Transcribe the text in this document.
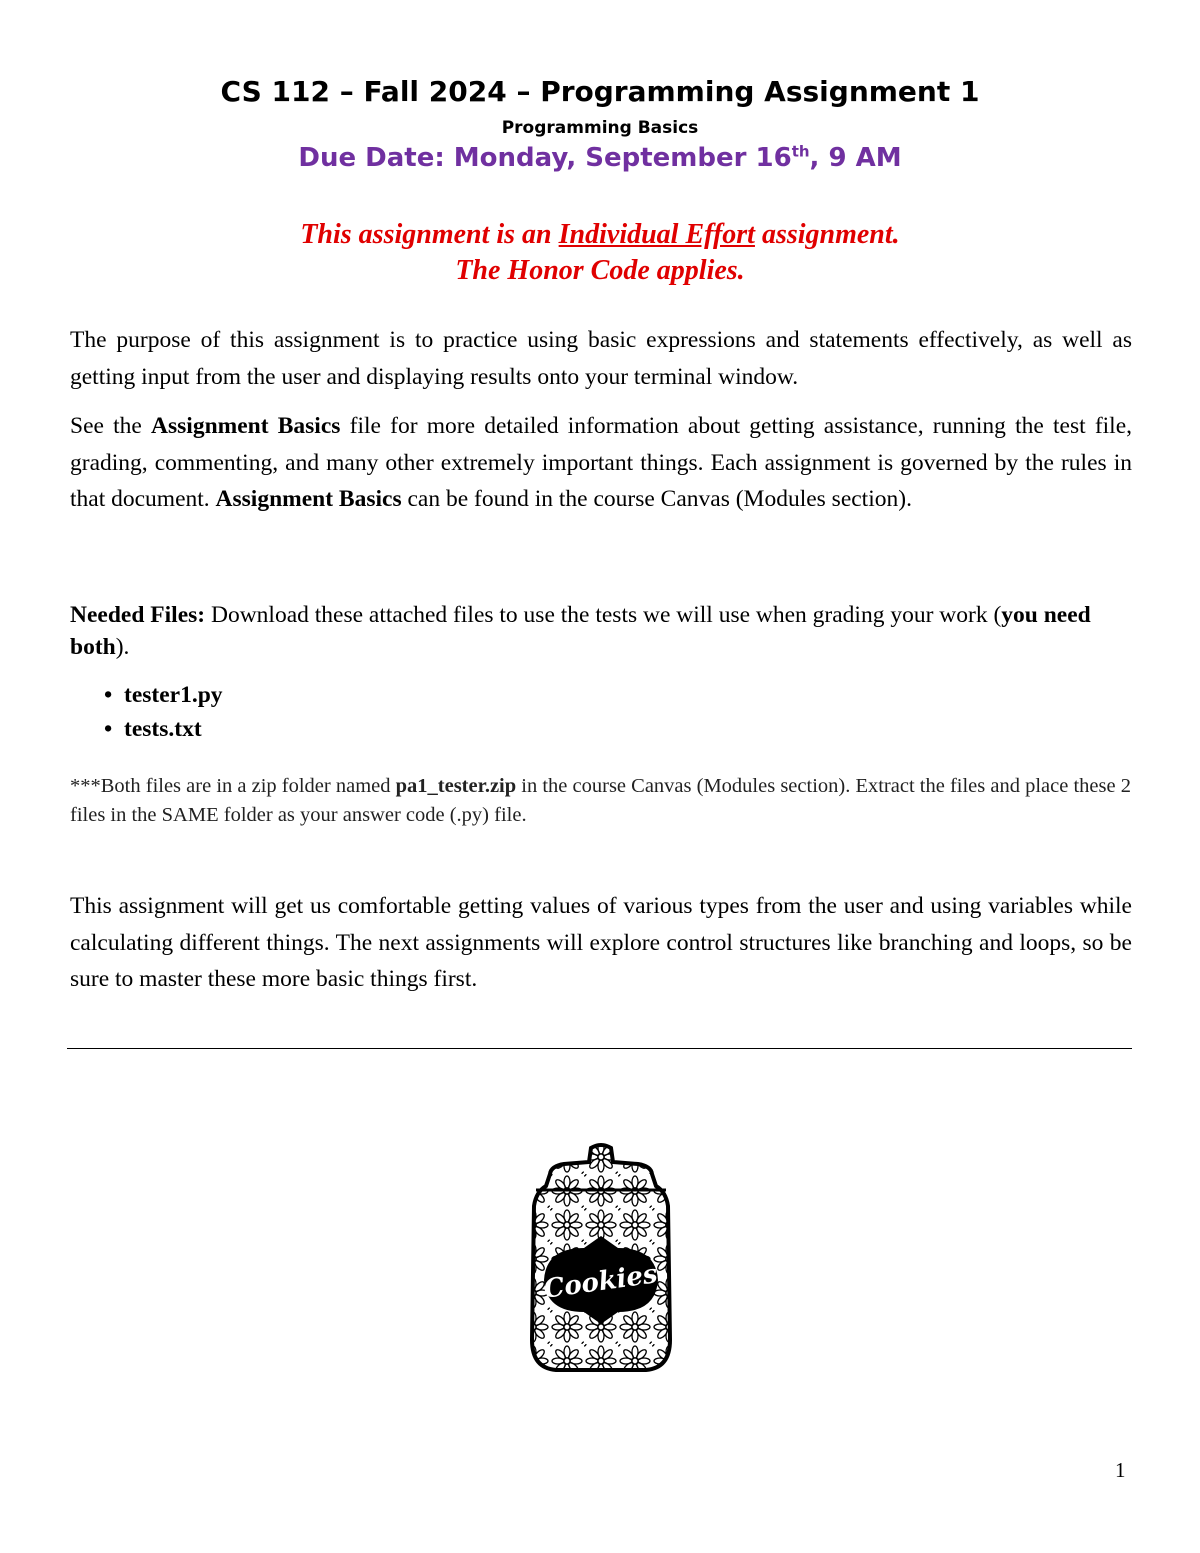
CS 112 – Fall 2024 – Programming Assignment 1
Programming Basics
Due Date: Monday, September 16th, 9 AM
This assignment is an Individual Effort assignment.
The Honor Code applies.
The purpose of this assignment is to practice using basic expressions and statements effectively, as well as getting input from the user and displaying results onto your terminal window.
See the Assignment Basics file for more detailed information about getting assistance, running the test file, grading, commenting, and many other extremely important things. Each assignment is governed by the rules in that document. Assignment Basics can be found in the course Canvas (Modules section).
Needed Files: Download these attached files to use the tests we will use when grading your work (you need both).
• tester1.py
• tests.txt
***Both files are in a zip folder named pa1_tester.zip in the course Canvas (Modules section). Extract the files and place these 2 files in the SAME folder as your answer code (.py) file.
This assignment will get us comfortable getting values of various types from the user and using variables while calculating different things. The next assignments will explore control structures like branching and loops, so be sure to master these more basic things first.
Cookies
1
